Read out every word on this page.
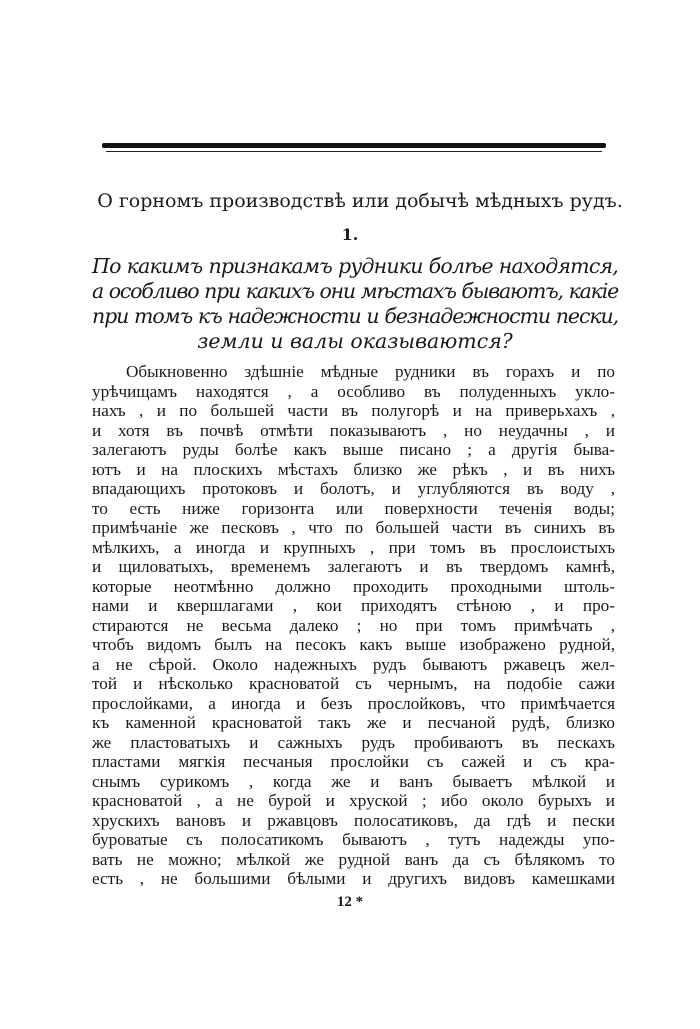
О горномъ производствѣ или добычѣ мѣдныхъ рудъ.
1.
По какимъ признакамъ рудники болѣе находятся,
а особливо при какихъ они мѣстахъ бываютъ, какіе
при томъ къ надежности и безнадежности пески,
земли и валы оказываются?
Обыкновенно здѣшніе мѣдные рудники въ горахъ и по
урѣчищамъ находятся , а особливо въ полуденныхъ укло-
нахъ , и по большей части въ полугорѣ и на приверьхахъ ,
и хотя въ почвѣ отмѣти показываютъ , но неудачны , и
залегаютъ руды болѣе какъ выше писано ; а другія быва-
ютъ и на плоскихъ мѣстахъ близко же рѣкъ , и въ нихъ
впадающихъ протоковъ и болотъ, и углубляются въ воду ,
то есть ниже горизонта или поверхности теченія воды;
примѣчаніе же песковъ , что по большей части въ синихъ въ
мѣлкихъ, а иногда и крупныхъ , при томъ въ прослоистыхъ
и щиловатыхъ, временемъ залегаютъ и въ твердомъ камнѣ,
которые неотмѣнно должно проходить проходными штоль-
нами и квершлагами , кои приходятъ стѣною , и про-
стираются не весьма далеко ; но при томъ примѣчать ,
чтобъ видомъ былъ на песокъ какъ выше изображено рудной,
а не сѣрой. Около надежныхъ рудъ бываютъ ржавецъ жел-
той и нѣсколько красноватой съ чернымъ, на подобіе сажи
прослойками, а иногда и безъ прослойковъ, что примѣчается
къ каменной красноватой такъ же и песчаной рудѣ, близко
же пластоватыхъ и сажныхъ рудъ пробиваютъ въ пескахъ
пластами мягкія песчаныя прослойки съ сажей и съ кра-
снымъ сурикомъ , когда же и ванъ бываетъ мѣлкой и
красноватой , а не бурой и хруской ; ибо около бурыхъ и
хрускихъ вановъ и ржавцовъ полосатиковъ, да гдѣ и пески
буроватые съ полосатикомъ бываютъ , тутъ надежды упо-
вать не можно; мѣлкой же рудной ванъ да съ бѣлякомъ то
есть , не большими бѣлыми и другихъ видовъ камешками
12 *
